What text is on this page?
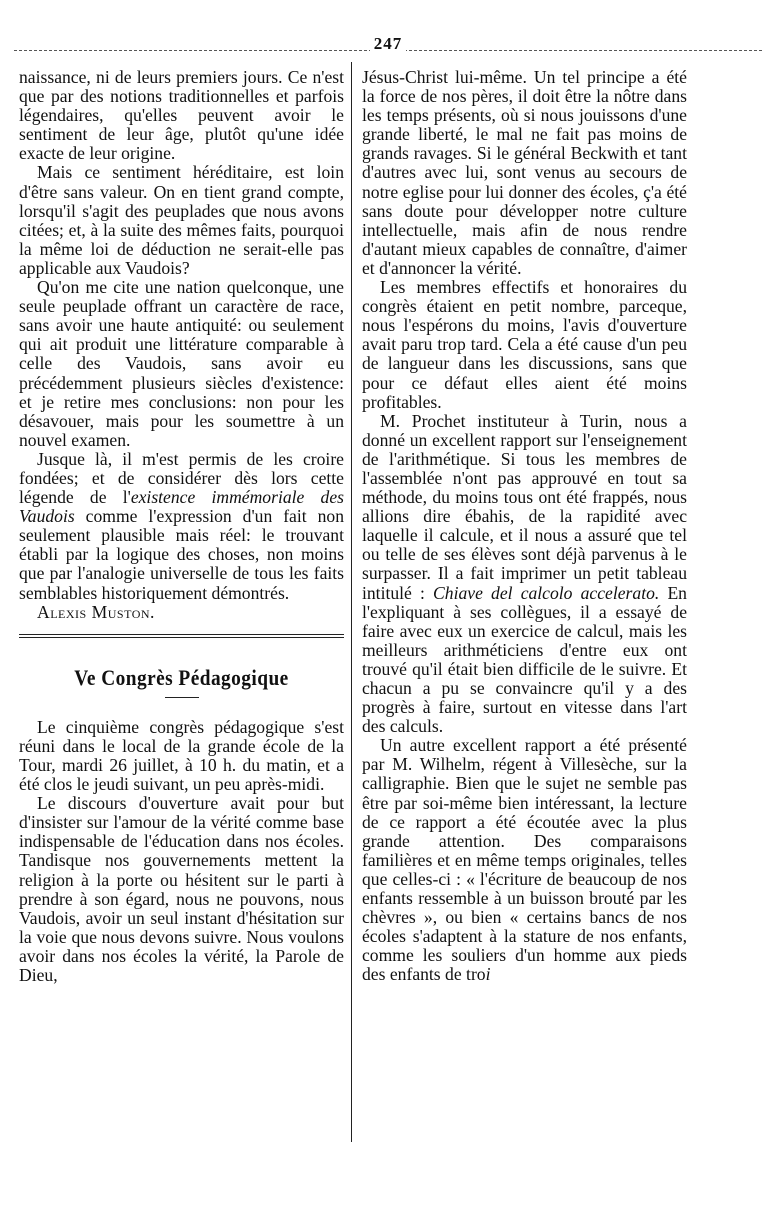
247

naissance, ni de leurs premiers jours. Ce n'est que par des notions traditionnelles et parfois légendaires, qu'elles peuvent avoir le sentiment de leur âge, plutôt qu'une idée exacte de leur origine.

Mais ce sentiment héréditaire, est loin d'être sans valeur. On en tient grand compte, lorsqu'il s'agit des peuplades que nous avons citées; et, à la suite des mêmes faits, pourquoi la même loi de déduction ne serait-elle pas applicable aux Vaudois?

Qu'on me cite une nation quelconque, une seule peuplade offrant un caractère de race, sans avoir une haute antiquité: ou seulement qui ait produit une littérature comparable à celle des Vaudois, sans avoir eu précédemment plusieurs siècles d'existence: et je retire mes conclusions: non pour les désavouer, mais pour les soumettre à un nouvel examen.

Jusque là, il m'est permis de les croire fondées; et de considérer dès lors cette légende de l'existence immémoriale des Vaudois comme l'expression d'un fait non seulement plausible mais réel: le trouvant établi par la logique des choses, non moins que par l'analogie universelle de tous les faits semblables historiquement démontrés.

Alexis Muston.

Ve Congrès Pédagogique

Le cinquième congrès pédagogique s'est réuni dans le local de la grande école de la Tour, mardi 26 juillet, à 10 h. du matin, et a été clos le jeudi suivant, un peu après-midi.

Le discours d'ouverture avait pour but d'insister sur l'amour de la vérité comme base indispensable de l'éducation dans nos écoles. Tandisque nos gouvernements mettent la religion à la porte ou hésitent sur le parti à prendre à son égard, nous ne pouvons, nous Vaudois, avoir un seul instant d'hésitation sur la voie que nous devons suivre. Nous voulons avoir dans nos écoles la vérité, la Parole de Dieu,

Jésus-Christ lui-même. Un tel principe a été la force de nos pères, il doit être la nôtre dans les temps présents, où si nous jouissons d'une grande liberté, le mal ne fait pas moins de grands ravages. Si le général Beckwith et tant d'autres avec lui, sont venus au secours de notre eglise pour lui donner des écoles, ç'a été sans doute pour développer notre culture intellectuelle, mais afin de nous rendre d'autant mieux capables de connaître, d'aimer et d'annoncer la vérité.

Les membres effectifs et honoraires du congrès étaient en petit nombre, parceque, nous l'espérons du moins, l'avis d'ouverture avait paru trop tard. Cela a été cause d'un peu de langueur dans les discussions, sans que pour ce défaut elles aient été moins profitables.

M. Prochet instituteur à Turin, nous a donné un excellent rapport sur l'enseignement de l'arithmétique. Si tous les membres de l'assemblée n'ont pas approuvé en tout sa méthode, du moins tous ont été frappés, nous allions dire ébahis, de la rapidité avec laquelle il calcule, et il nous a assuré que tel ou telle de ses élèves sont déjà parvenus à le surpasser. Il a fait imprimer un petit tableau intitulé : Chiave del calcolo accelerato. En l'expliquant à ses collègues, il a essayé de faire avec eux un exercice de calcul, mais les meilleurs arithméticiens d'entre eux ont trouvé qu'il était bien difficile de le suivre. Et chacun a pu se convaincre qu'il y a des progrès à faire, surtout en vitesse dans l'art des calculs.

Un autre excellent rapport a été présenté par M. Wilhelm, régent à Villesèche, sur la calligraphie. Bien que le sujet ne semble pas être par soi-même bien intéressant, la lecture de ce rapport a été écoutée avec la plus grande attention. Des comparaisons familières et en même temps originales, telles que celles-ci : « l'écriture de beaucoup de nos enfants ressemble à un buisson brouté par les chèvres », ou bien « certains bancs de nos écoles s'adaptent à la stature de nos enfants, comme les souliers d'un homme aux pieds des enfants de troi
